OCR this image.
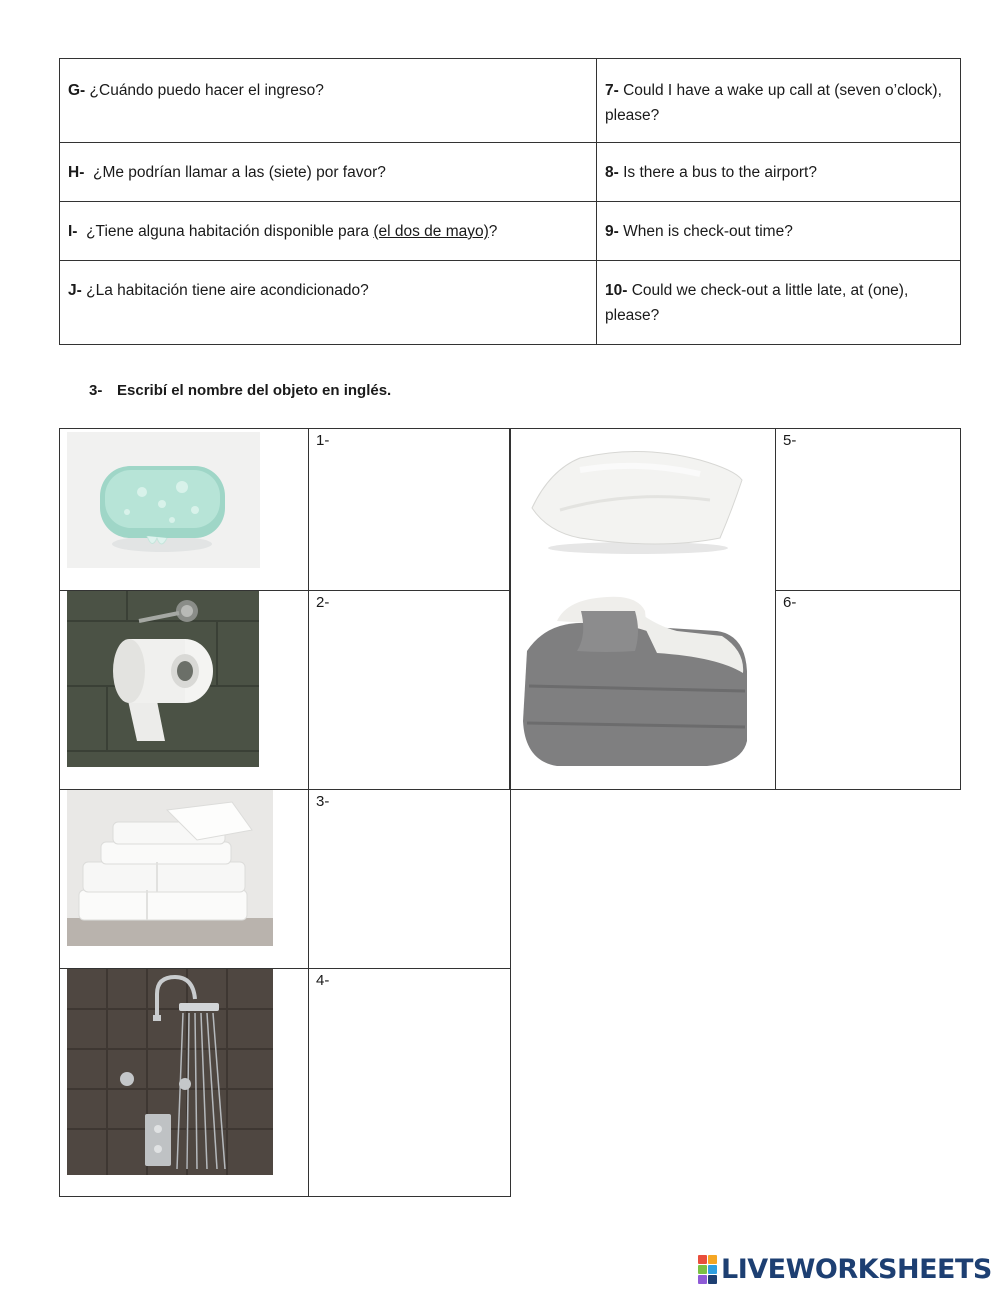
G- ¿Cuándo puedo hacer el ingreso?	7- Could I have a wake up call at (seven o’clock), please?
H- ¿Me podrían llamar a las (siete) por favor?	8- Is there a bus to the airport?
I- ¿Tiene alguna habitación disponible para (el dos de mayo)?	9- When is check-out time?
J- ¿La habitación tiene aire acondicionado?	10- Could we check-out a little late, at (one), please?
3- Escribí el nombre del objeto en inglés.
1-
2-
3-
4-
5-
6-
LIVEWORKSHEETS
